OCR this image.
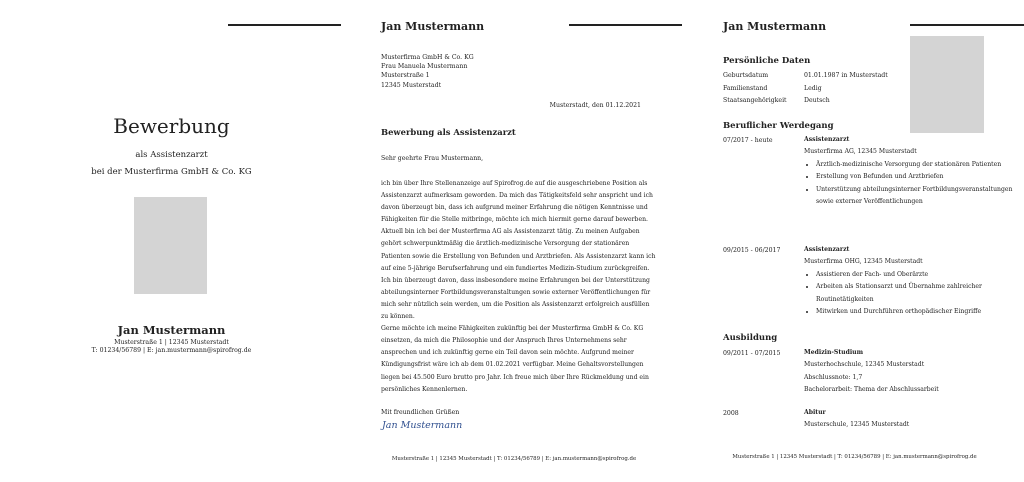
Bewerbung
als Assistenzarzt
bei der Musterfirma GmbH & Co. KG
Jan Mustermann
Musterstraße 1 | 12345 Musterstadt
T: 01234/56789 | E: jan.mustermann@spirofrog.de
Jan Mustermann
Musterfirma GmbH & Co. KG
Frau Manuela Mustermann
Musterstraße 1
12345 Musterstadt
Musterstadt, den 01.12.2021
Bewerbung als Assistenzarzt
Sehr geehrte Frau Mustermann,
ich bin über Ihre Stellenanzeige auf Spirofrog.de auf die ausgeschriebene Position als
Assistenzarzt aufmerksam geworden. Da mich das Tätigkeitsfeld sehr anspricht und ich
davon überzeugt bin, dass ich aufgrund meiner Erfahrung die nötigen Kenntnisse und
Fähigkeiten für die Stelle mitbringe, möchte ich mich hiermit gerne darauf bewerben.
Aktuell bin ich bei der Musterfirma AG als Assistenzarzt tätig. Zu meinen Aufgaben
gehört schwerpunktmäßig die ärztlich-medizinische Versorgung der stationären
Patienten sowie die Erstellung von Befunden und Arztbriefen. Als Assistenzarzt kann ich
auf eine 5-jährige Berufserfahrung und ein fundiertes Medizin-Studium zurückgreifen.
Ich bin überzeugt davon, dass insbesondere meine Erfahrungen bei der Unterstützung
abteilungsinterner Fortbildungsveranstaltungen sowie externer Veröffentlichungen für
mich sehr nützlich sein werden, um die Position als Assistenzarzt erfolgreich ausfüllen
zu können.
Gerne möchte ich meine Fähigkeiten zukünftig bei der Musterfirma GmbH & Co. KG
einsetzen, da mich die Philosophie und der Anspruch Ihres Unternehmens sehr
ansprechen und ich zukünftig gerne ein Teil davon sein möchte. Aufgrund meiner
Kündigungsfrist wäre ich ab dem 01.02.2021 verfügbar. Meine Gehaltsvorstellungen
liegen bei 45.500 Euro brutto pro Jahr. Ich freue mich über Ihre Rückmeldung und ein
persönliches Kennenlernen.
Mit freundlichen Grüßen
Jan Mustermann
Musterstraße 1 | 12345 Musterstadt | T: 01234/56789 | E: jan.mustermann@spirofrog.de
Jan Mustermann
Persönliche Daten
Geburtsdatum	01.01.1987 in Musterstadt
Familienstand	Ledig
Staatsangehörigkeit	Deutsch
Beruflicher Werdegang
07/2017 - heute	Assistenzarzt
Musterfirma AG, 12345 Musterstadt
• Ärztlich-medizinische Versorgung der stationären Patienten
• Erstellung von Befunden und Arztbriefen
• Unterstützung abteilungsinterner Fortbildungsveranstaltungen sowie externer Veröffentlichungen
09/2015 - 06/2017	Assistenzarzt
Musterfirma OHG, 12345 Musterstadt
• Assistieren der Fach- und Oberärzte
• Arbeiten als Stationsarzt und Übernahme zahlreicher Routinetätigkeiten
• Mitwirken und Durchführen orthopädischer Eingriffe
Ausbildung
09/2011 - 07/2015	Medizin-Studium
Musterhochschule, 12345 Musterstadt
Abschlussnote: 1,7
Bachelorarbeit: Thema der Abschlussarbeit
2008	Abitur
Musterschule, 12345 Musterstadt
Musterstraße 1 | 12345 Musterstadt | T: 01234/56789 | E: jan.mustermann@spirofrog.de
